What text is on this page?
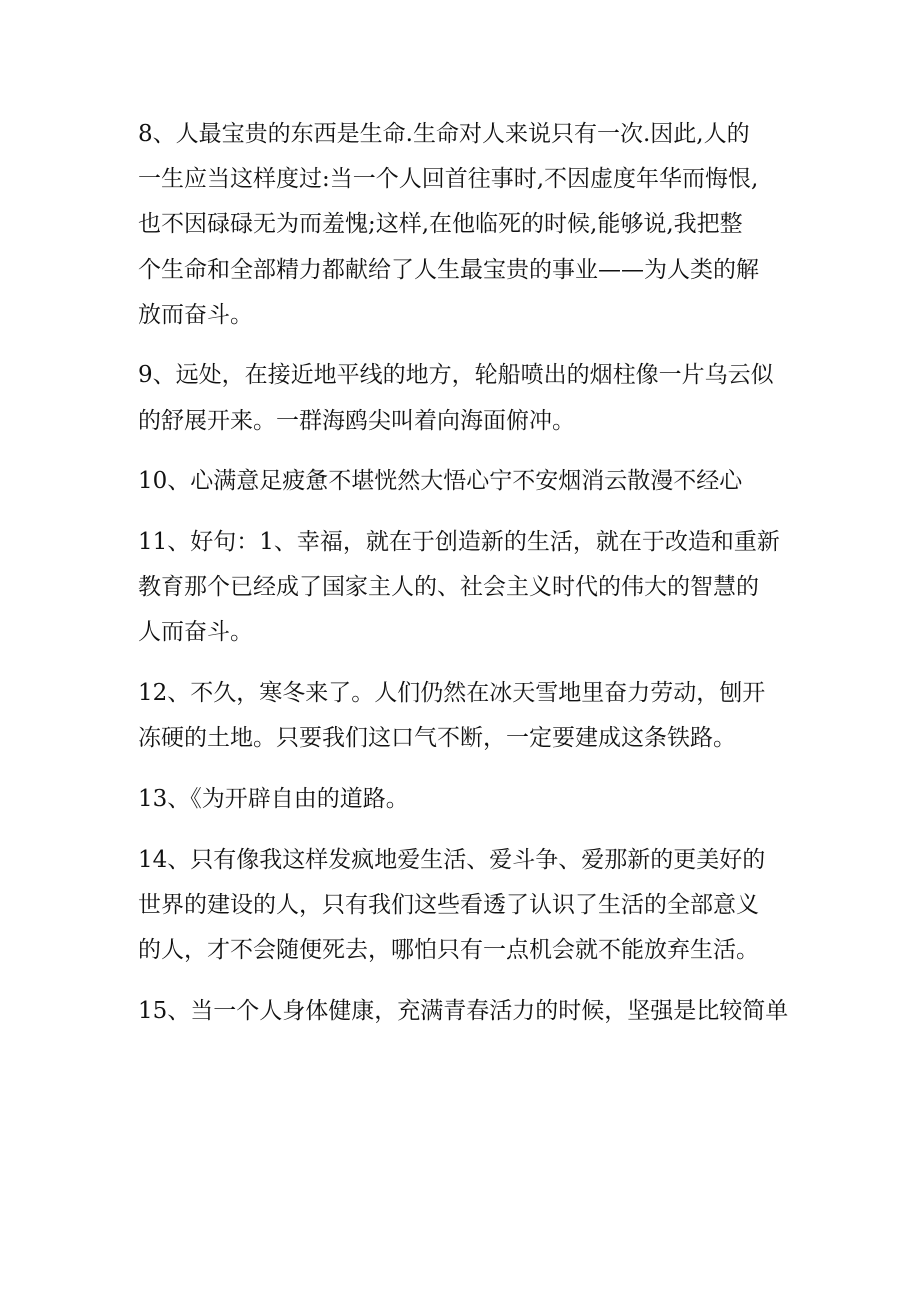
8、人最宝贵的东西是生命.生命对人来说只有一次.因此,人的
一生应当这样度过:当一个人回首往事时,不因虚度年华而悔恨,
也不因碌碌无为而羞愧;这样,在他临死的时候,能够说,我把整
个生命和全部精力都献给了人生最宝贵的事业——为人类的解
放而奋斗。

9、远处，在接近地平线的地方，轮船喷出的烟柱像一片乌云似
的舒展开来。一群海鸥尖叫着向海面俯冲。

10、心满意足疲惫不堪恍然大悟心宁不安烟消云散漫不经心

11、好句：1、幸福，就在于创造新的生活，就在于改造和重新
教育那个已经成了国家主人的、社会主义时代的伟大的智慧的
人而奋斗。

12、不久，寒冬来了。人们仍然在冰天雪地里奋力劳动，刨开
冻硬的土地。只要我们这口气不断，一定要建成这条铁路。

13、《为开辟自由的道路。

14、只有像我这样发疯地爱生活、爱斗争、爱那新的更美好的
世界的建设的人，只有我们这些看透了认识了生活的全部意义
的人，才不会随便死去，哪怕只有一点机会就不能放弃生活。

15、当一个人身体健康，充满青春活力的时候，坚强是比较简单
